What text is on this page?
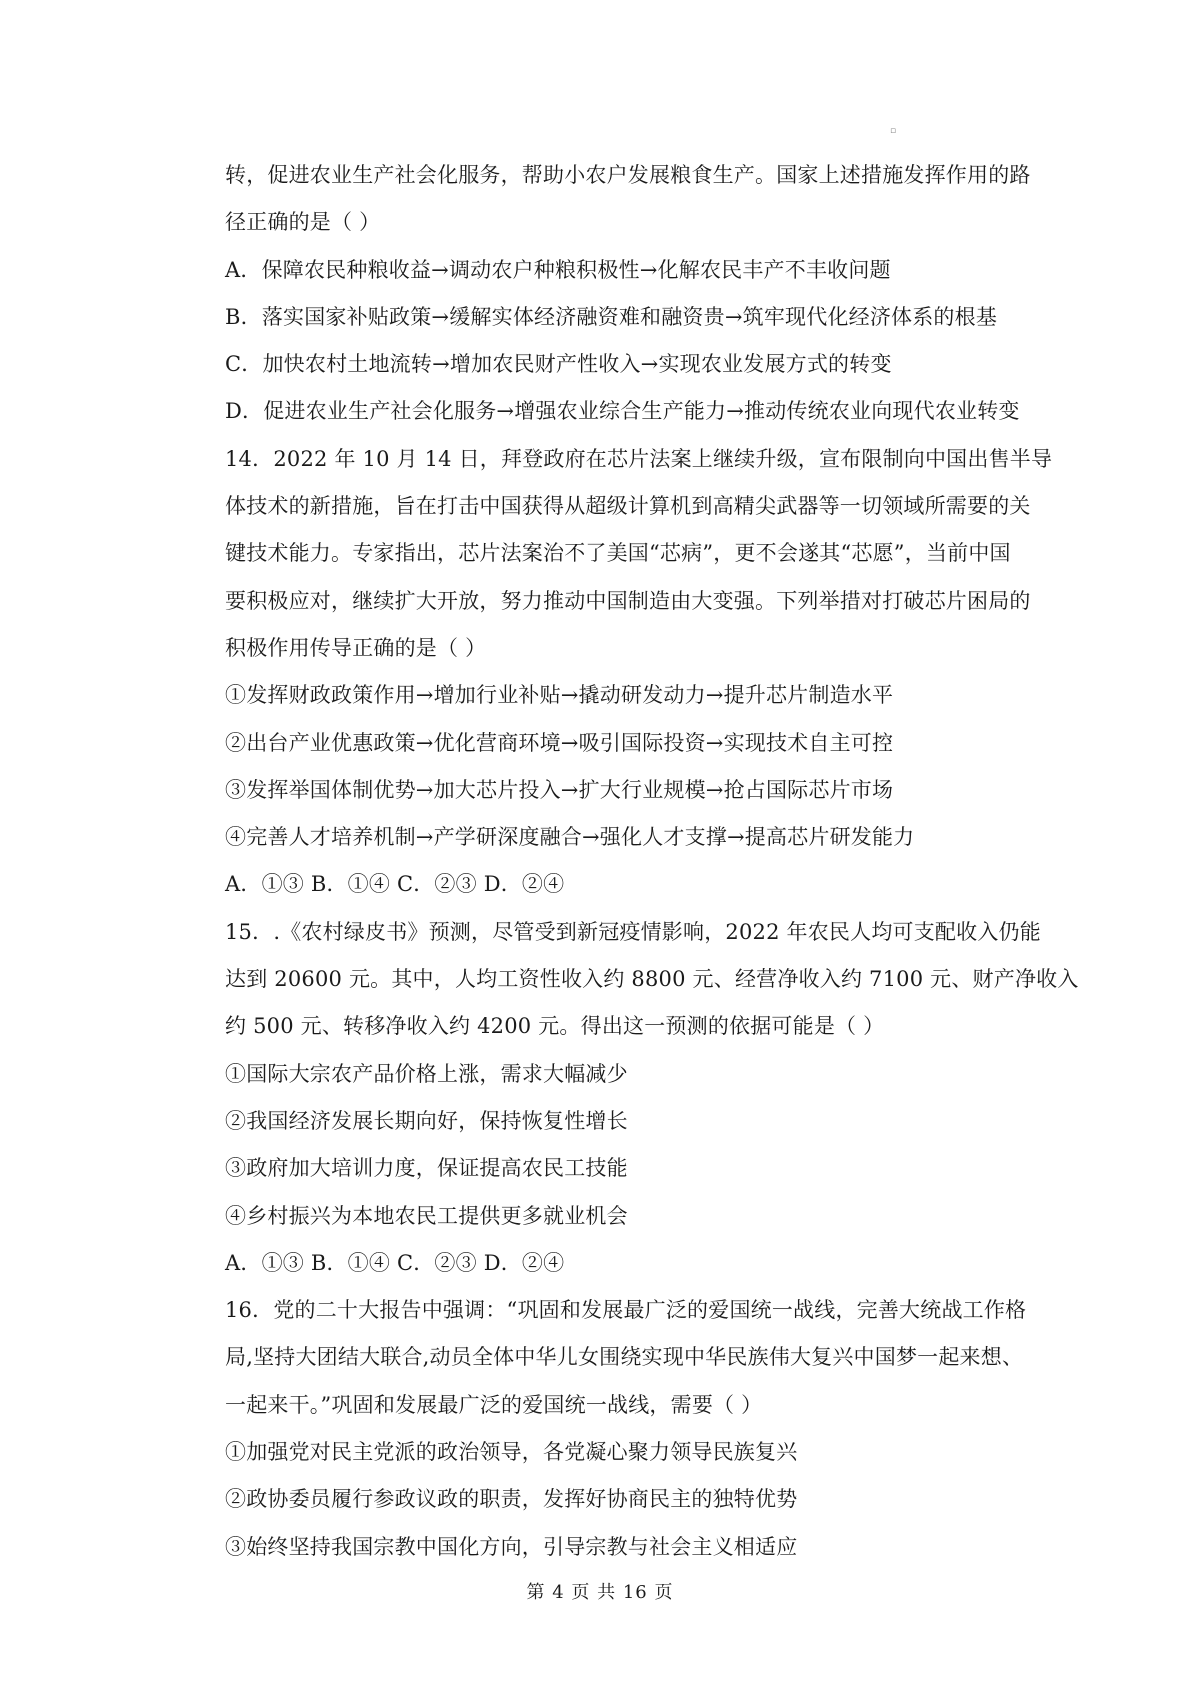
▫
转，促进农业生产社会化服务，帮助小农户发展粮食生产。国家上述措施发挥作用的路
径正确的是（ ）
A．保障农民种粮收益→调动农户种粮积极性→化解农民丰产不丰收问题
B．落实国家补贴政策→缓解实体经济融资难和融资贵→筑牢现代化经济体系的根基
C．加快农村土地流转→增加农民财产性收入→实现农业发展方式的转变
D．促进农业生产社会化服务→增强农业综合生产能力→推动传统农业向现代农业转变
14．2022 年 10 月 14 日，拜登政府在芯片法案上继续升级，宣布限制向中国出售半导
体技术的新措施，旨在打击中国获得从超级计算机到高精尖武器等一切领域所需要的关
键技术能力。专家指出，芯片法案治不了美国“芯病”，更不会遂其“芯愿”，当前中国
要积极应对，继续扩大开放，努力推动中国制造由大变强。下列举措对打破芯片困局的
积极作用传导正确的是（ ）
①发挥财政政策作用→增加行业补贴→撬动研发动力→提升芯片制造水平
②出台产业优惠政策→优化营商环境→吸引国际投资→实现技术自主可控
③发挥举国体制优势→加大芯片投入→扩大行业规模→抢占国际芯片市场
④完善人才培养机制→产学研深度融合→强化人才支撑→提高芯片研发能力
A．①③ B．①④ C．②③ D．②④
15．.《农村绿皮书》预测，尽管受到新冠疫情影响，2022 年农民人均可支配收入仍能
达到 20600 元。其中，人均工资性收入约 8800 元、经营净收入约 7100 元、财产净收入
约 500 元、转移净收入约 4200 元。得出这一预测的依据可能是（ ）
①国际大宗农产品价格上涨，需求大幅减少
②我国经济发展长期向好，保持恢复性增长
③政府加大培训力度，保证提高农民工技能
④乡村振兴为本地农民工提供更多就业机会
A．①③ B．①④ C．②③ D．②④
16．党的二十大报告中强调：“巩固和发展最广泛的爱国统一战线，完善大统战工作格
局,坚持大团结大联合,动员全体中华儿女围绕实现中华民族伟大复兴中国梦一起来想、
一起来干。”巩固和发展最广泛的爱国统一战线，需要（ ）
①加强党对民主党派的政治领导，各党凝心聚力领导民族复兴
②政协委员履行参政议政的职责，发挥好协商民主的独特优势
③始终坚持我国宗教中国化方向，引导宗教与社会主义相适应
第 4 页 共 16 页
